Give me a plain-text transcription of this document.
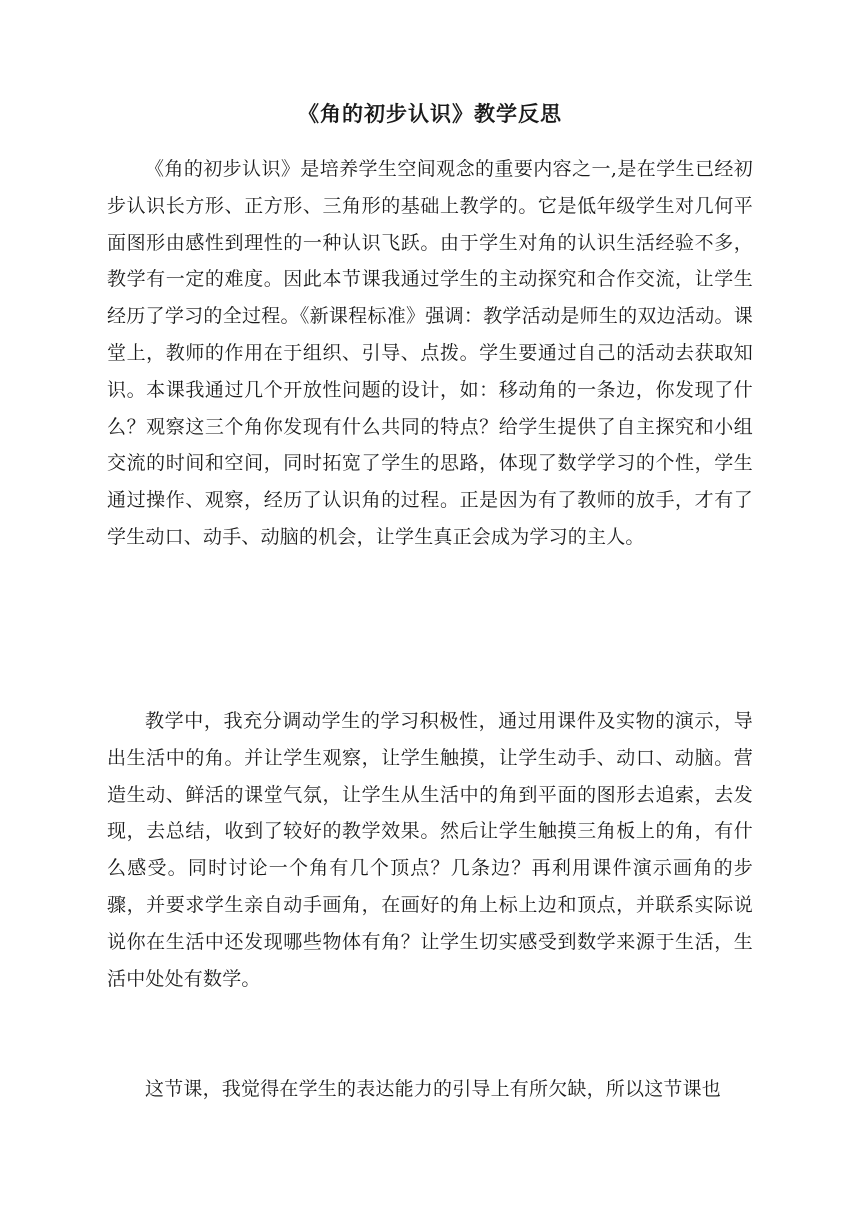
《角的初步认识》教学反思

《角的初步认识》是培养学生空间观念的重要内容之一,是在学生已经初步认识长方形、正方形、三角形的基础上教学的。它是低年级学生对几何平面图形由感性到理性的一种认识飞跃。由于学生对角的认识生活经验不多，教学有一定的难度。因此本节课我通过学生的主动探究和合作交流，让学生经历了学习的全过程。《新课程标准》强调：教学活动是师生的双边活动。课堂上，教师的作用在于组织、引导、点拨。学生要通过自己的活动去获取知识。本课我通过几个开放性问题的设计，如：移动角的一条边，你发现了什么？观察这三个角你发现有什么共同的特点？给学生提供了自主探究和小组交流的时间和空间，同时拓宽了学生的思路，体现了数学学习的个性，学生通过操作、观察，经历了认识角的过程。正是因为有了教师的放手，才有了学生动口、动手、动脑的机会，让学生真正会成为学习的主人。

教学中，我充分调动学生的学习积极性，通过用课件及实物的演示，导出生活中的角。并让学生观察，让学生触摸，让学生动手、动口、动脑。营造生动、鲜活的课堂气氛，让学生从生活中的角到平面的图形去追索，去发现，去总结，收到了较好的教学效果。然后让学生触摸三角板上的角，有什么感受。同时讨论一个角有几个顶点？几条边？再利用课件演示画角的步骤，并要求学生亲自动手画角，在画好的角上标上边和顶点，并联系实际说说你在生活中还发现哪些物体有角？让学生切实感受到数学来源于生活，生活中处处有数学。

这节课，我觉得在学生的表达能力的引导上有所欠缺，所以这节课也
